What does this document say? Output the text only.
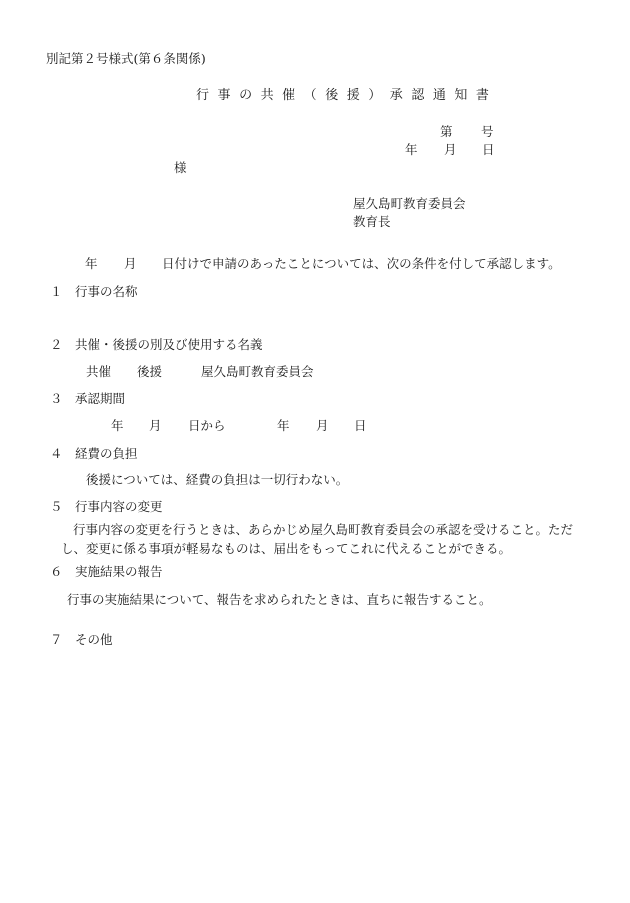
別記第２号様式(第６条関係)
行 事 の 共 催 （ 後 援 ） 承 認 通 知 書
第 号
年 月 日
様
屋久島町教育委員会
教育長
年 月 日付けで申請のあったことについては、次の条件を付して承認します。
１　行事の名称
２　共催・後援の別及び使用する名義
共催 後援	屋久島町教育委員会
３　承認期間
年 月 日から	年 月 日
４　経費の負担
後援については、経費の負担は一切行わない。
５　行事内容の変更
行事内容の変更を行うときは、あらかじめ屋久島町教育委員会の承認を受けること。ただ
し、変更に係る事項が軽易なものは、届出をもってこれに代えることができる。
６　実施結果の報告
行事の実施結果について、報告を求められたときは、直ちに報告すること。
７　その他
